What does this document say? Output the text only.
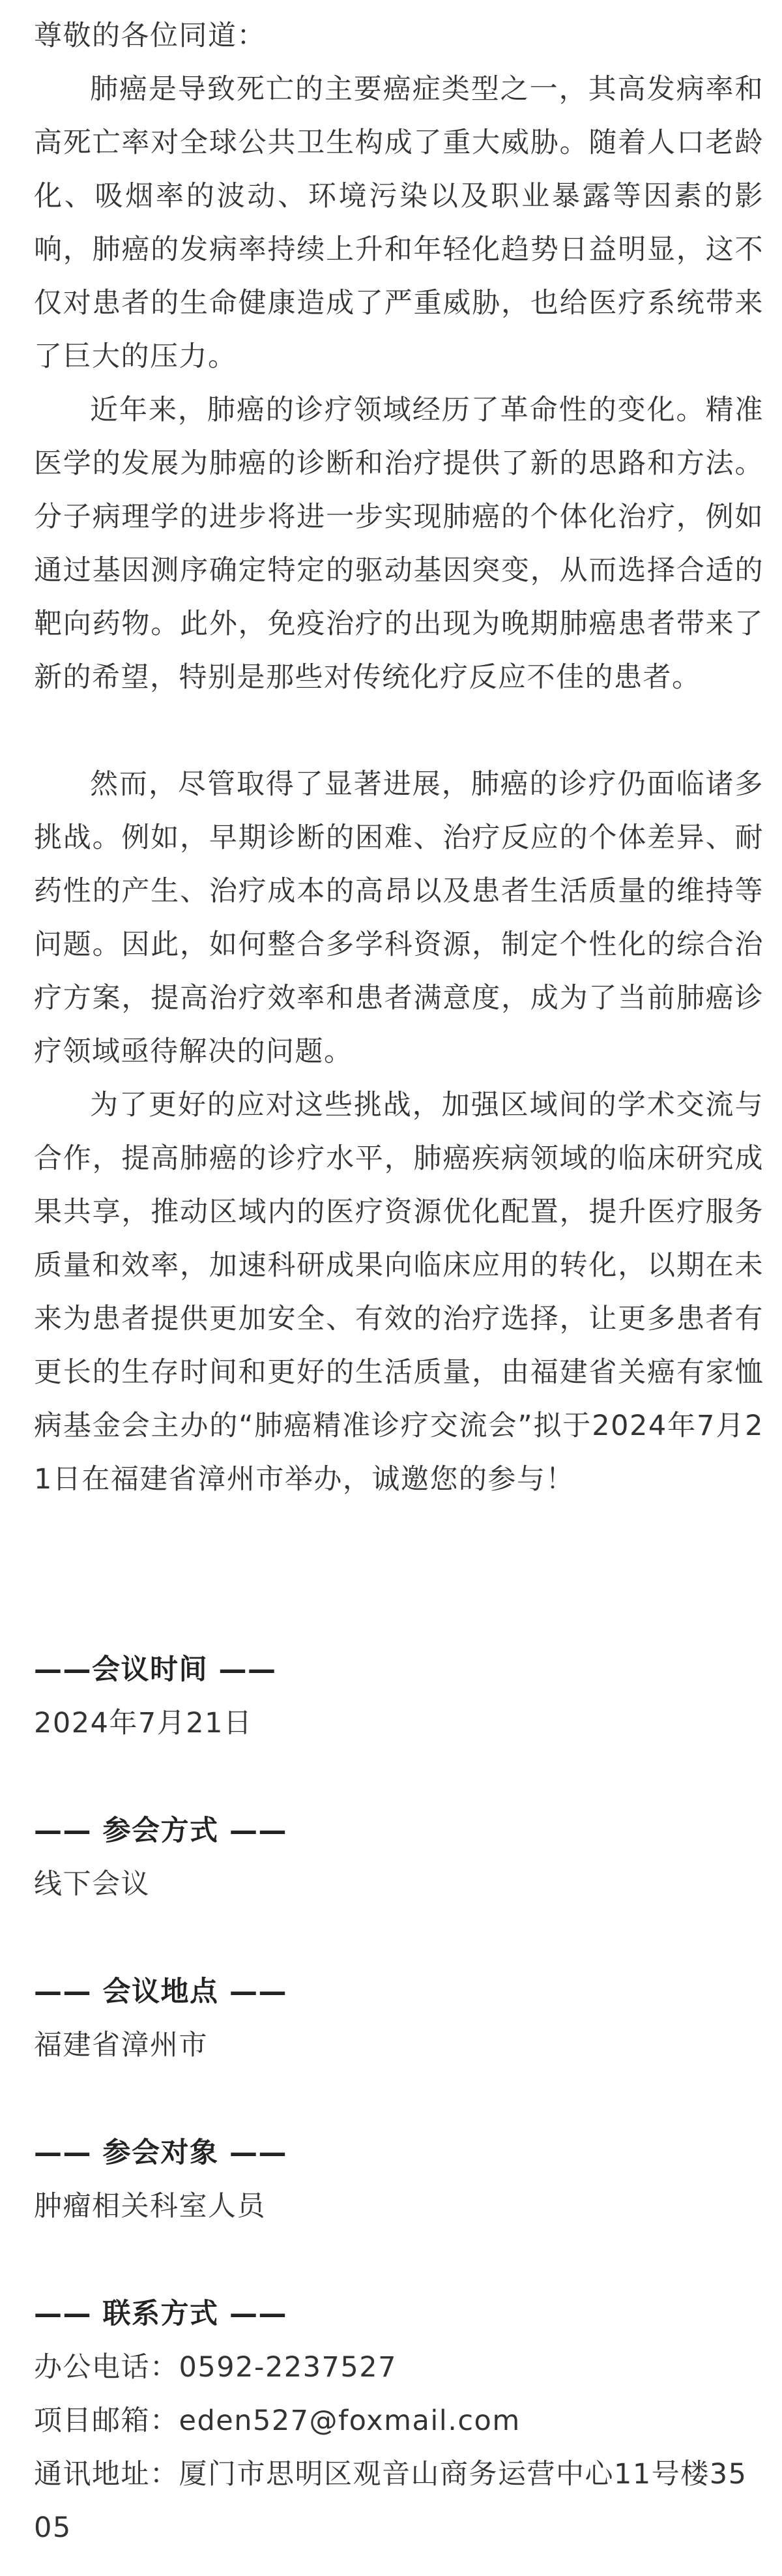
尊敬的各位同道：

肺癌是导致死亡的主要癌症类型之一，其高发病率和高死亡率对全球公共卫生构成了重大威胁。随着人口老龄化、吸烟率的波动、环境污染以及职业暴露等因素的影响，肺癌的发病率持续上升和年轻化趋势日益明显，这不仅对患者的生命健康造成了严重威胁，也给医疗系统带来了巨大的压力。

近年来，肺癌的诊疗领域经历了革命性的变化。精准医学的发展为肺癌的诊断和治疗提供了新的思路和方法。分子病理学的进步将进一步实现肺癌的个体化治疗，例如通过基因测序确定特定的驱动基因突变，从而选择合适的靶向药物。此外，免疫治疗的出现为晚期肺癌患者带来了新的希望，特别是那些对传统化疗反应不佳的患者。

然而，尽管取得了显著进展，肺癌的诊疗仍面临诸多挑战。例如，早期诊断的困难、治疗反应的个体差异、耐药性的产生、治疗成本的高昂以及患者生活质量的维持等问题。因此，如何整合多学科资源，制定个性化的综合治疗方案，提高治疗效率和患者满意度，成为了当前肺癌诊疗领域亟待解决的问题。

为了更好的应对这些挑战，加强区域间的学术交流与合作，提高肺癌的诊疗水平，肺癌疾病领域的临床研究成果共享，推动区域内的医疗资源优化配置，提升医疗服务质量和效率，加速科研成果向临床应用的转化，以期在未来为患者提供更加安全、有效的治疗选择，让更多患者有更长的生存时间和更好的生活质量，由福建省关癌有家恤病基金会主办的“肺癌精准诊疗交流会”拟于2024年7月21日在福建省漳州市举办，诚邀您的参与！

——会议时间 ——

2024年7月21日

—— 参会方式 ——

线下会议

—— 会议地点 ——

福建省漳州市

—— 参会对象 ——

肿瘤相关科室人员

—— 联系方式 ——

办公电话：0592-2237527

项目邮箱：eden527@foxmail.com

通讯地址：厦门市思明区观音山商务运营中心11号楼3505
